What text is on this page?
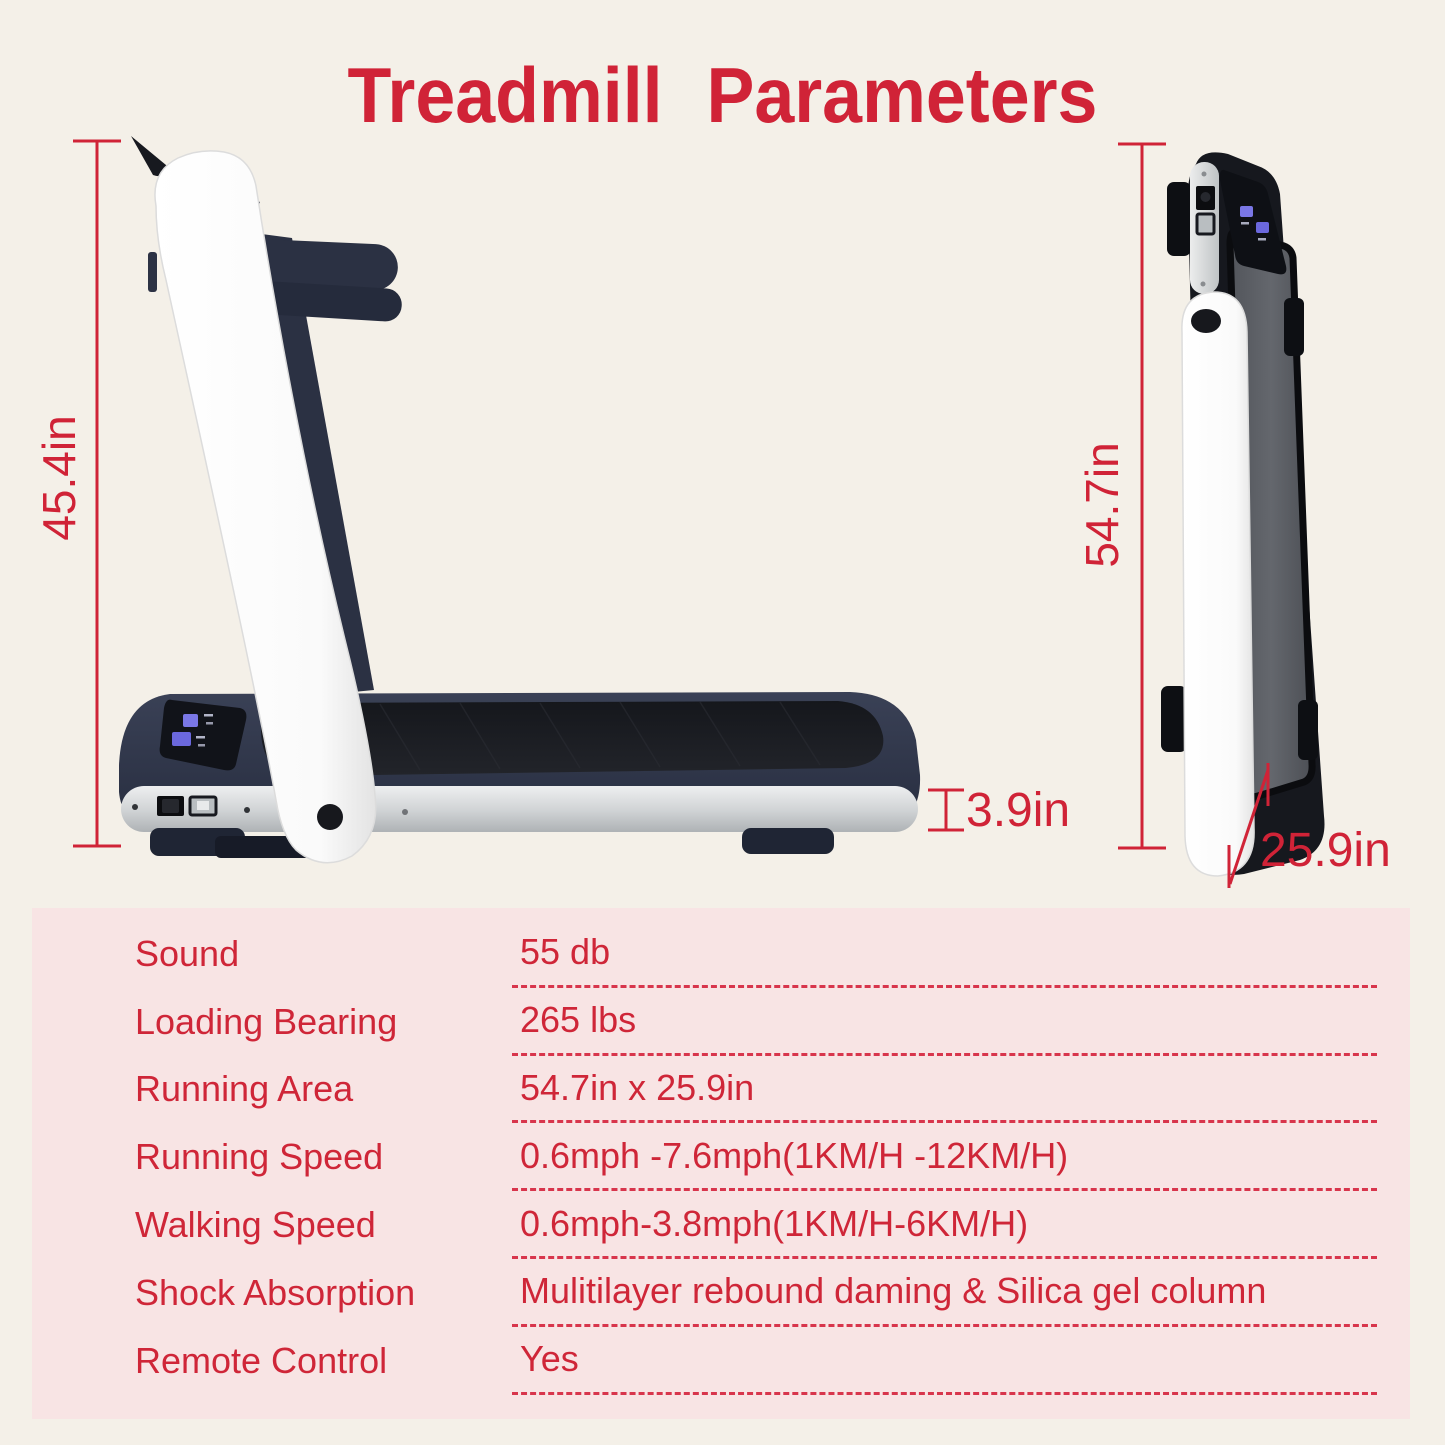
Treadmill Parameters
45.4in	54.7in
3.9in
25.9in
Sound	55 db
Loading Bearing	265 lbs
Running Area	54.7in x 25.9in
Running Speed	0.6mph -7.6mph(1KM/H -12KM/H)
Walking Speed	0.6mph-3.8mph(1KM/H-6KM/H)
Shock Absorption	Mulitilayer rebound daming & Silica gel column
Remote Control	Yes
